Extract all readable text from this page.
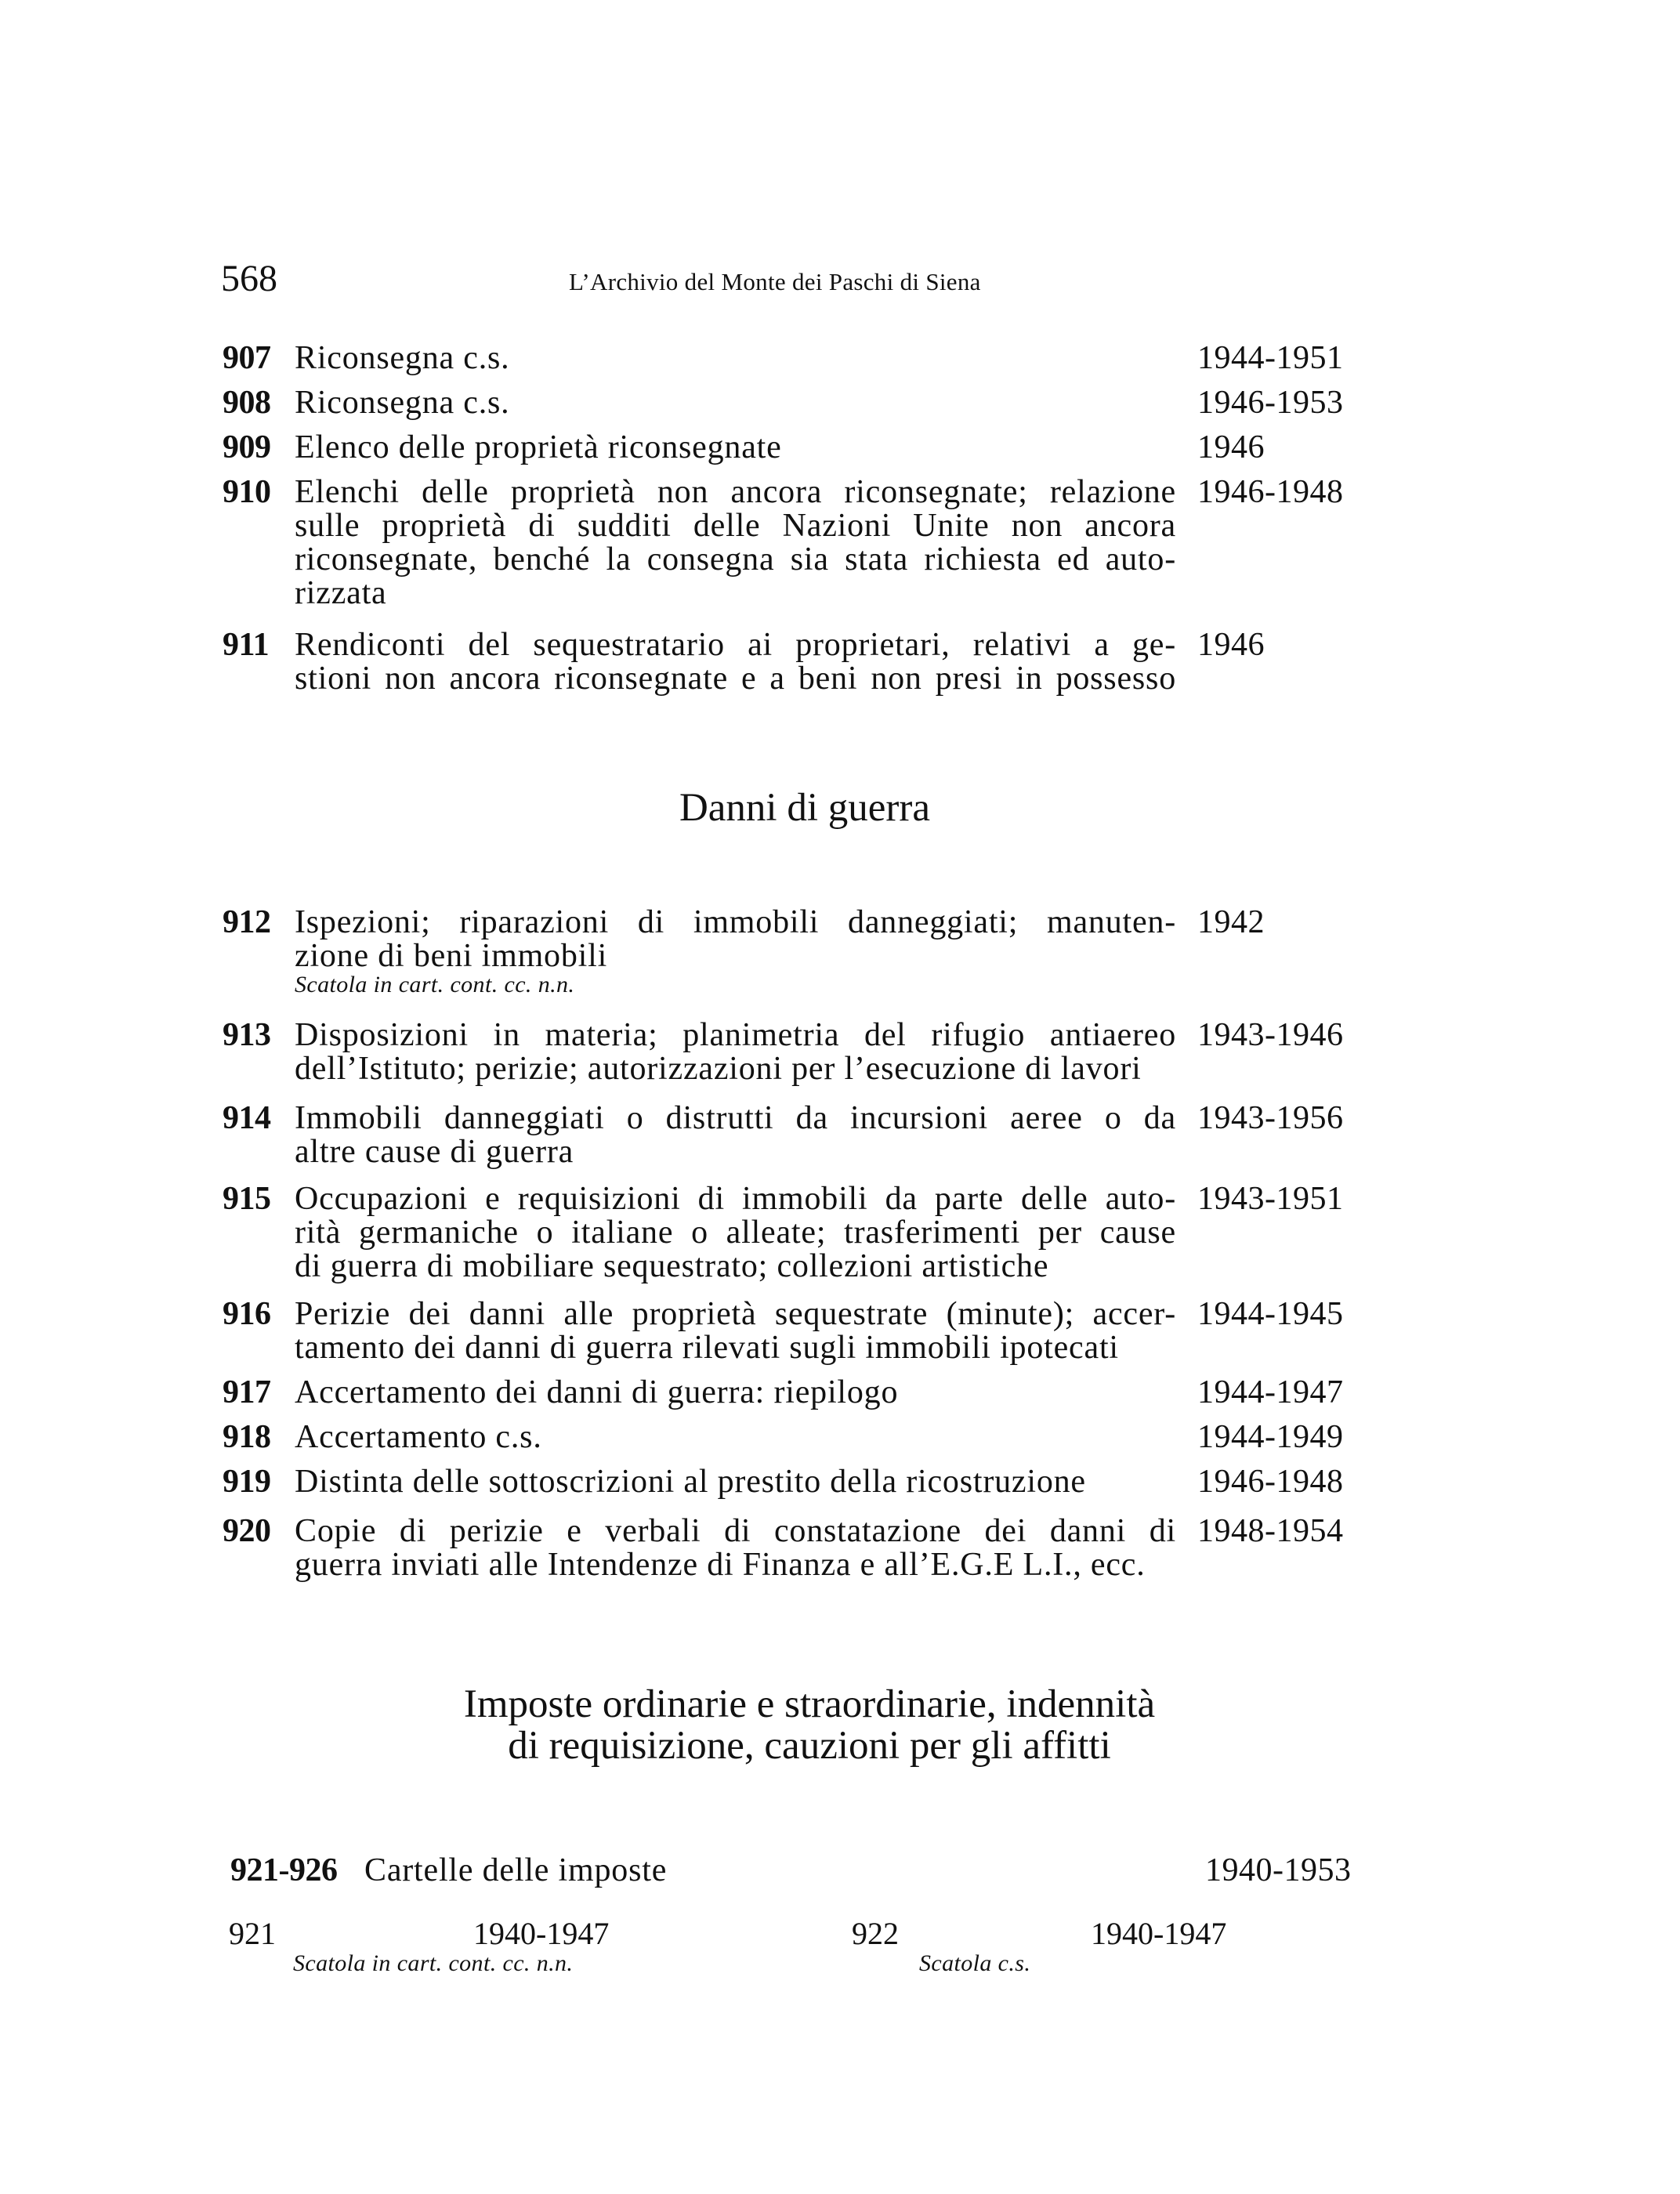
568	L’Archivio del Monte dei Paschi di Siena
907 Riconsegna c.s.	1944-1951
908 Riconsegna c.s.	1946-1953
909 Elenco delle proprietà riconsegnate	1946
910 Elenchi delle proprietà non ancora riconsegnate; relazione
sulle proprietà di sudditi delle Nazioni Unite non ancora
riconsegnate, benché la consegna sia stata richiesta ed auto-
rizzata
1946-1948
911 Rendiconti del sequestratario ai proprietari, relativi a ge-
stioni non ancora riconsegnate e a beni non presi in possesso
1946
Danni di guerra
912 Ispezioni; riparazioni di immobili danneggiati; manuten-
zione di beni immobili
Scatola in cart. cont. cc. n.n.
1942
913 Disposizioni in materia; planimetria del rifugio antiaereo
dell’Istituto; perizie; autorizzazioni per l’esecuzione di lavori
1943-1946
914 Immobili danneggiati o distrutti da incursioni aeree o da
altre cause di guerra
1943-1956
915 Occupazioni e requisizioni di immobili da parte delle auto-
rità germaniche o italiane o alleate; trasferimenti per cause
di guerra di mobiliare sequestrato; collezioni artistiche
1943-1951
916 Perizie dei danni alle proprietà sequestrate (minute); accer-
tamento dei danni di guerra rilevati sugli immobili ipotecati
1944-1945
917 Accertamento dei danni di guerra: riepilogo	1944-1947
918 Accertamento c.s.	1944-1949
919 Distinta delle sottoscrizioni al prestito della ricostruzione	1946-1948
920 Copie di perizie e verbali di constatazione dei danni di
guerra inviati alle Intendenze di Finanza e all’E.G.E L.I., ecc.
1948-1954
Imposte ordinarie e straordinarie, indennità
di requisizione, cauzioni per gli affitti
921-926 Cartelle delle imposte	1940-1953
921	1940-1947
Scatola in cart. cont. cc. n.n.
922	1940-1947
Scatola c.s.
